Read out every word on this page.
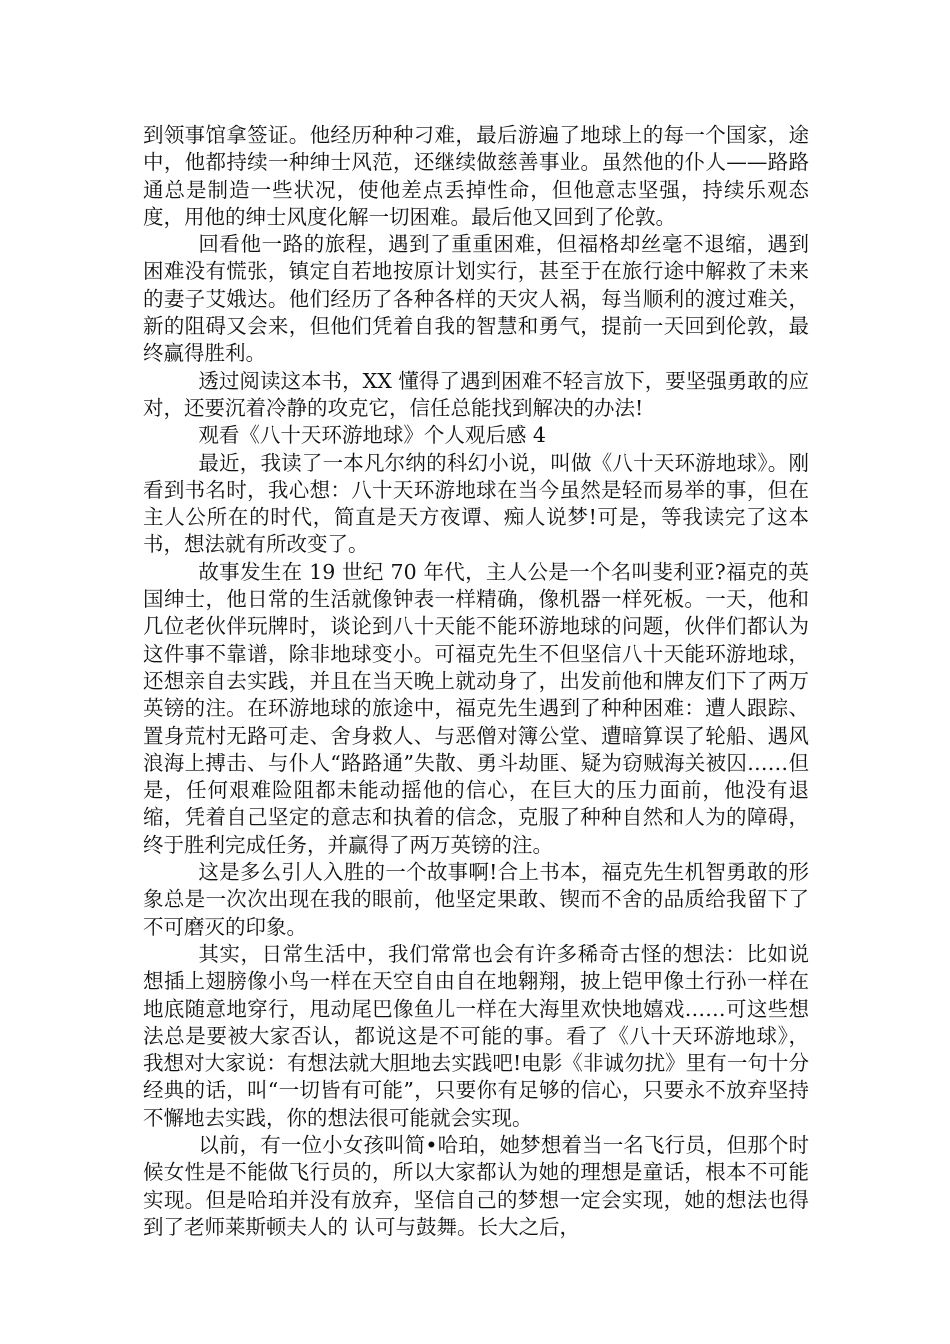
到领事馆拿签证。他经历种种刁难，最后游遍了地球上的每一个国家，途中，他都持续一种绅士风范，还继续做慈善事业。虽然他的仆人——路路通总是制造一些状况，使他差点丢掉性命，但他意志坚强，持续乐观态度，用他的绅士风度化解一切困难。最后他又回到了伦敦。

回看他一路的旅程，遇到了重重困难，但福格却丝毫不退缩，遇到困难没有慌张，镇定自若地按原计划实行，甚至于在旅行途中解救了未来的妻子艾娥达。他们经历了各种各样的天灾人祸，每当顺利的渡过难关，新的阻碍又会来，但他们凭着自我的智慧和勇气，提前一天回到伦敦，最终赢得胜利。

透过阅读这本书，XX 懂得了遇到困难不轻言放下，要坚强勇敢的应对，还要沉着冷静的攻克它，信任总能找到解决的办法!

观看《八十天环游地球》个人观后感 4

最近，我读了一本凡尔纳的科幻小说，叫做《八十天环游地球》。刚看到书名时，我心想：八十天环游地球在当今虽然是轻而易举的事，但在主人公所在的时代，简直是天方夜谭、痴人说梦!可是，等我读完了这本书，想法就有所改变了。

故事发生在 19 世纪 70 年代，主人公是一个名叫斐利亚?福克的英国绅士，他日常的生活就像钟表一样精确，像机器一样死板。一天，他和几位老伙伴玩牌时，谈论到八十天能不能环游地球的问题，伙伴们都认为这件事不靠谱，除非地球变小。可福克先生不但坚信八十天能环游地球，还想亲自去实践，并且在当天晚上就动身了，出发前他和牌友们下了两万英镑的注。在环游地球的旅途中，福克先生遇到了种种困难：遭人跟踪、置身荒村无路可走、舍身救人、与恶僧对簿公堂、遭暗算误了轮船、遇风浪海上搏击、与仆人“路路通”失散、勇斗劫匪、疑为窃贼海关被囚……但是，任何艰难险阻都未能动摇他的信心，在巨大的压力面前，他没有退缩，凭着自己坚定的意志和执着的信念，克服了种种自然和人为的障碍，终于胜利完成任务，并赢得了两万英镑的注。

这是多么引人入胜的一个故事啊!合上书本，福克先生机智勇敢的形象总是一次次出现在我的眼前，他坚定果敢、锲而不舍的品质给我留下了不可磨灭的印象。

其实，日常生活中，我们常常也会有许多稀奇古怪的想法：比如说想插上翅膀像小鸟一样在天空自由自在地翱翔，披上铠甲像土行孙一样在地底随意地穿行，甩动尾巴像鱼儿一样在大海里欢快地嬉戏……可这些想法总是要被大家否认，都说这是不可能的事。看了《八十天环游地球》，我想对大家说：有想法就大胆地去实践吧!电影《非诚勿扰》里有一句十分经典的话，叫“一切皆有可能”，只要你有足够的信心，只要永不放弃坚持不懈地去实践，你的想法很可能就会实现。

以前，有一位小女孩叫简•哈珀，她梦想着当一名飞行员，但那个时候女性是不能做飞行员的，所以大家都认为她的理想是童话，根本不可能实现。但是哈珀并没有放弃，坚信自己的梦想一定会实现，她的想法也得到了老师莱斯顿夫人的 认可与鼓舞。长大之后，
